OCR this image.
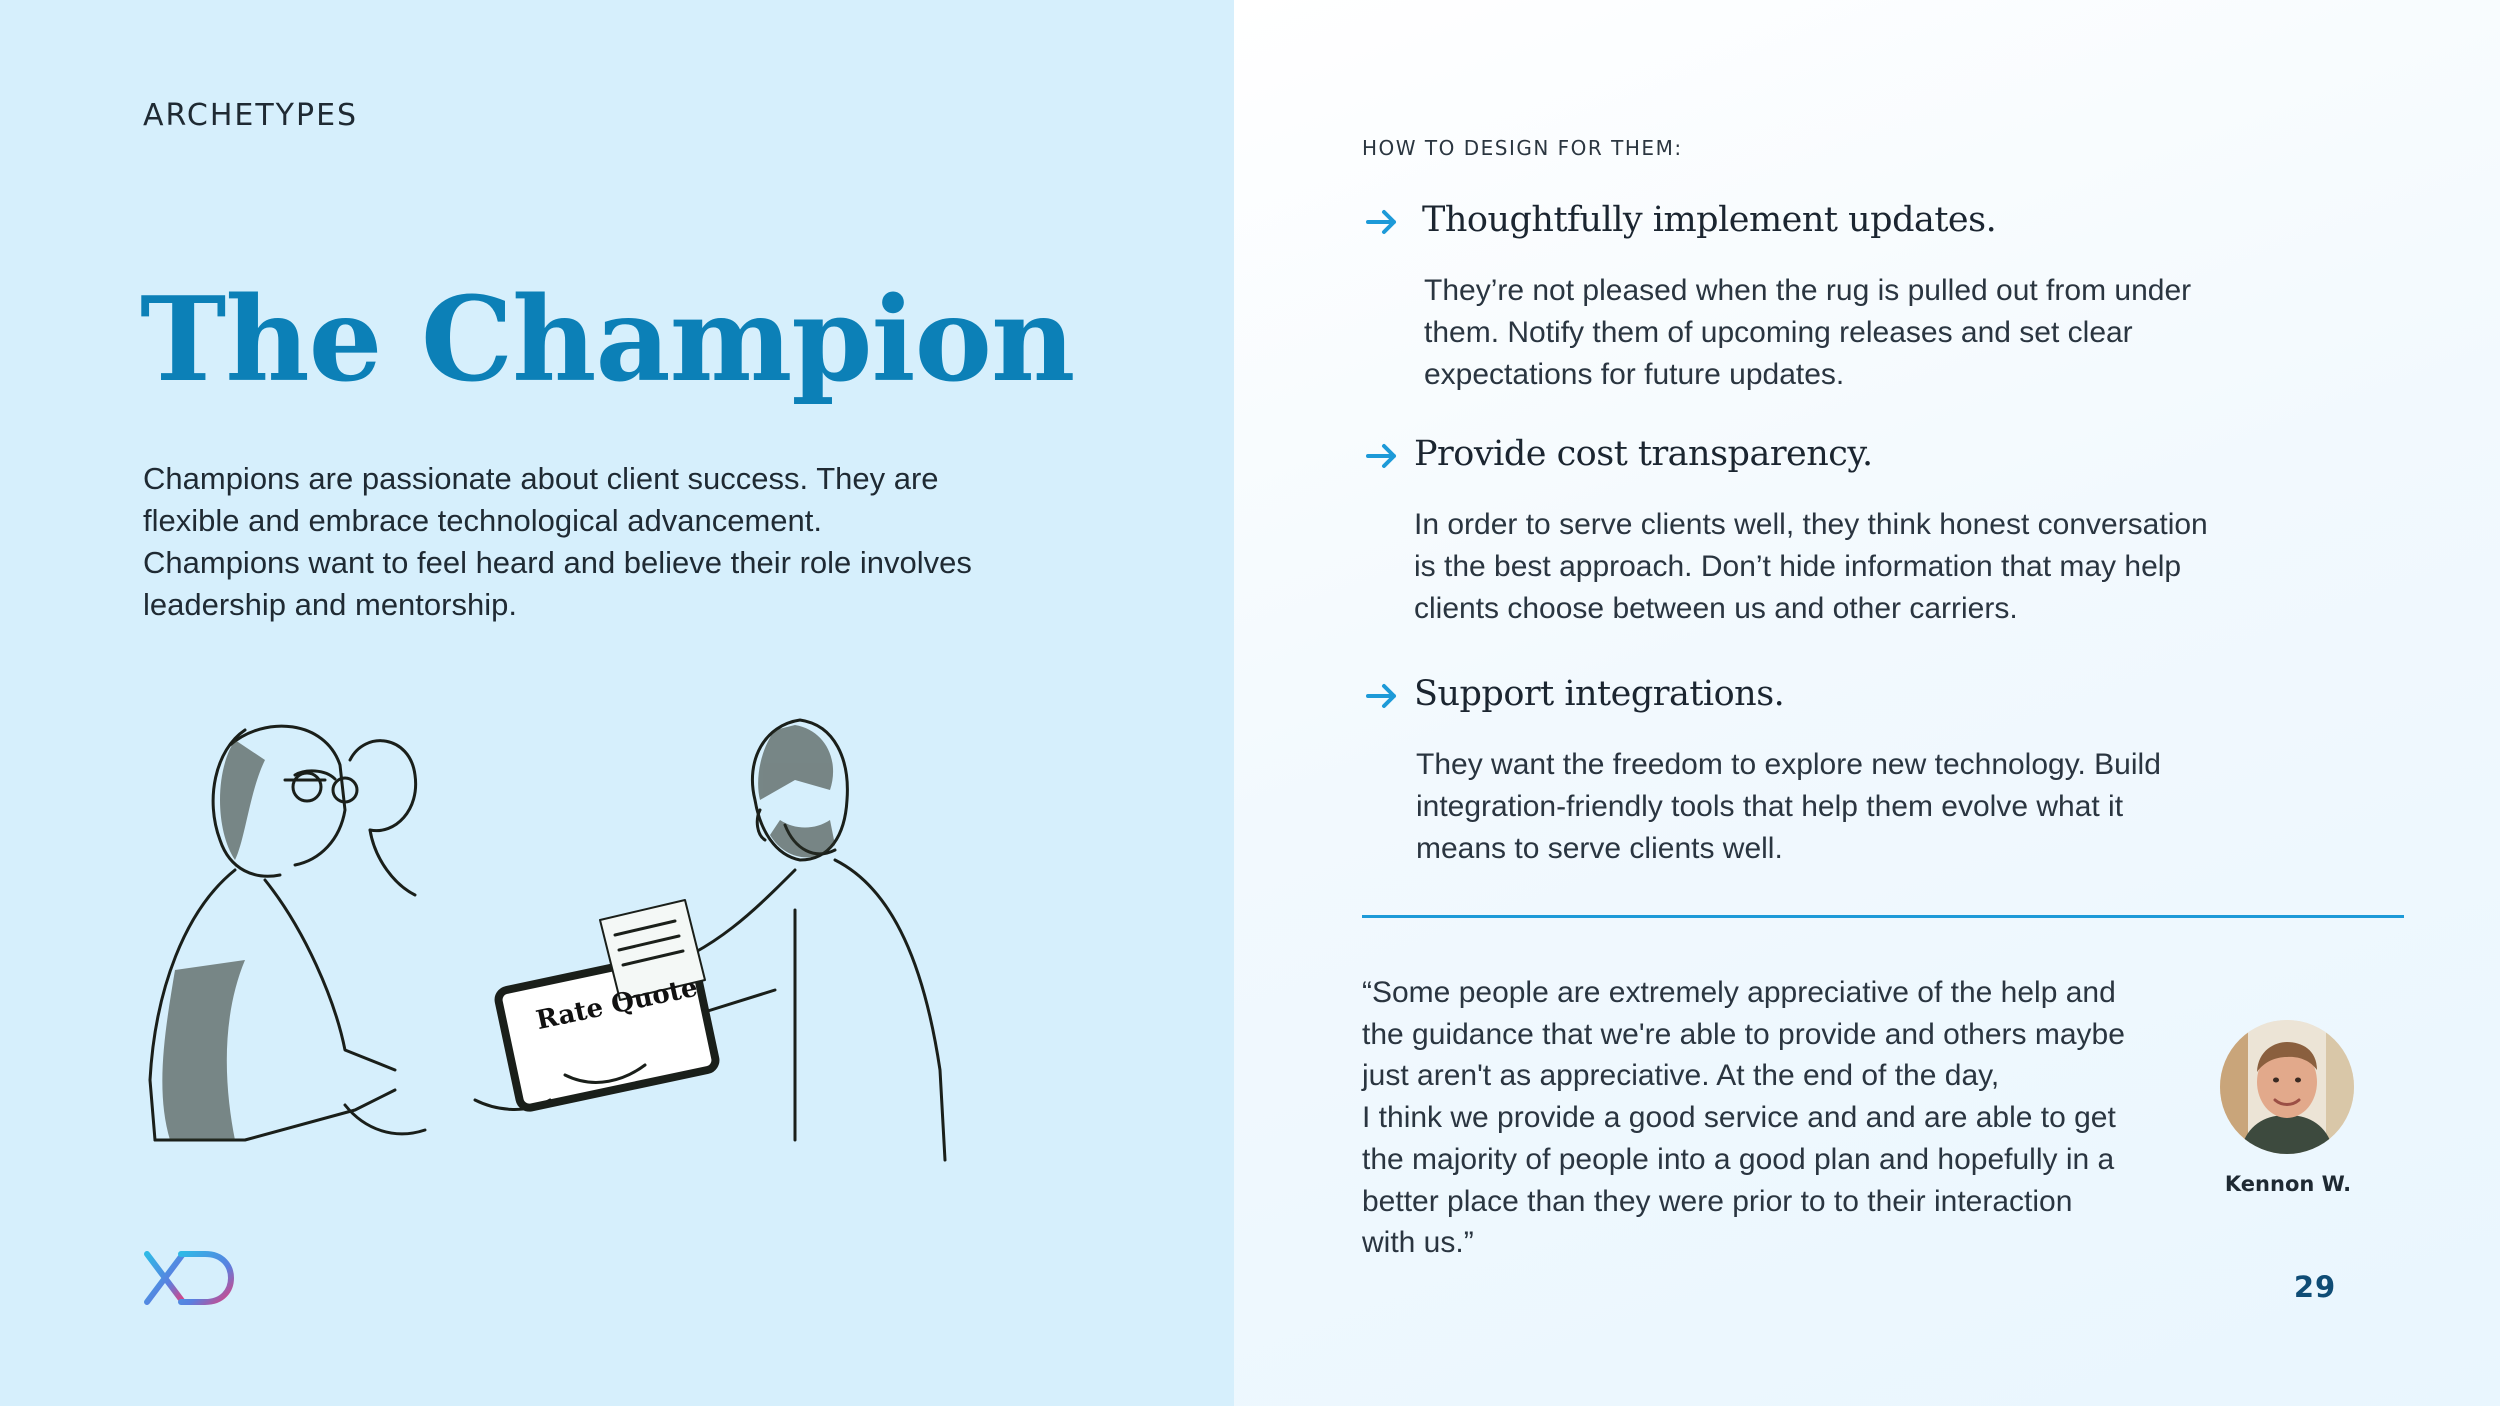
ARCHETYPES
The Champion

Champions are passionate about client success. They are flexible and embrace technological advancement. Champions want to feel heard and believe their role involves leadership and mentorship.

Rate Quote
HOW TO DESIGN FOR THEM:
Thoughtfully implement updates.
They’re not pleased when the rug is pulled out from under them. Notify them of upcoming releases and set clear expectations for future updates.
Provide cost transparency.
In order to serve clients well, they think honest conversation is the best approach. Don’t hide information that may help clients choose between us and other carriers.
Support integrations.
They want the freedom to explore new technology. Build integration-friendly tools that help them evolve what it means to serve clients well.
“Some people are extremely appreciative of the help and
the guidance that we're able to provide and others maybe
just aren't as appreciative. At the end of the day,
I think we provide a good service and and are able to get
the majority of people into a good plan and hopefully in a
better place than they were prior to to their interaction
with us.”
Kennon W.
29
